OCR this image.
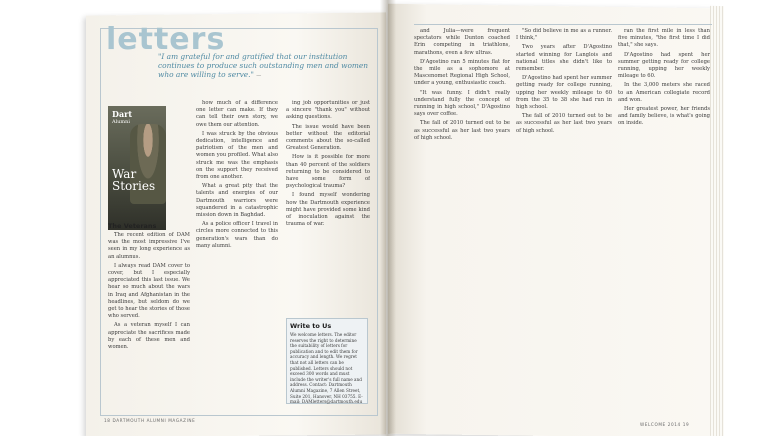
letters
"I am grateful for and gratified that our institution continues to produce such outstanding men and women who are willing to serve." —
Dart
Alumni
War Stories
The Veterans

The recent edition of DAM was the most impressive I've seen in my long experience as an alumnus.

I always read DAM cover to cover, but I especially appreciated this last issue. We hear so much about the wars in Iraq and Afghanistan in the headlines, but seldom do we get to hear the stories of those who served.

As a veteran myself I can appreciate the sacrifices made by each of these men and women.

how much of a difference one letter can make. If they can tell their own story, we owe them our attention.

I was struck by the obvious dedication, intelligence and patriotism of the men and women you profiled. What also struck me was the emphasis on the support they received from one another.

What a great pity that the talents and energies of our Dartmouth warriors were squandered in a catastrophic mission down in Baghdad.

As a police officer I travel in circles more connected to this generation's wars than do many alumni.

ing job opportunities or just a sincere "thank you" without asking questions.

The issue would have been better without the editorial comments about the so-called Greatest Generation.

How is it possible for more than 40 percent of the soldiers returning to be considered to have some form of psychological trauma?

I found myself wondering how the Dartmouth experience might have provided some kind of inoculation against the trauma of war.

Write to Us
We welcome letters. The editor reserves the right to determine the suitability of letters for publication and to edit them for accuracy and length. We regret that not all letters can be published. Letters should not exceed 300 words and must include the writer's full name and address. Contact: Dartmouth Alumni Magazine, 7 Allen Street, Suite 201, Hanover, NH 03755. E-mail: DAMletters@dartmouth.edu

and Julia—were frequent spectators while Dunton coached Erin competing in triathlons, marathons, even a few ultras.

D'Agostino ran 5 minutes flat for the mile as a sophomore at Mascenomet Regional High School, under a young, enthusiastic coach.

"It was funny. I didn't really understand fully the concept of running in high school," D'Agostino says over coffee.

The fall of 2010 turned out to be as successful as her last two years of high school.

"So did believe in me as a runner. I think,"

Two years after D'Agostino started winning for Langlois and national titles she didn't like to remember.

D'Agostino had spent her summer getting ready for college running, upping her weekly mileage to 60 from the 35 to 38 she had run in high school.

The fall of 2010 turned out to be as successful as her last two years of high school.

ran the first mile in less than five minutes, "the first time I did that," she says.

D'Agostino had spent her summer getting ready for college running, upping her weekly mileage to 60.

In the 3,000 meters she raced to an American collegiate record and won.

Her greatest power, her friends and family believe, is what's going on inside.

18 DARTMOUTH ALUMNI MAGAZINE
WELCOME 2014 19
